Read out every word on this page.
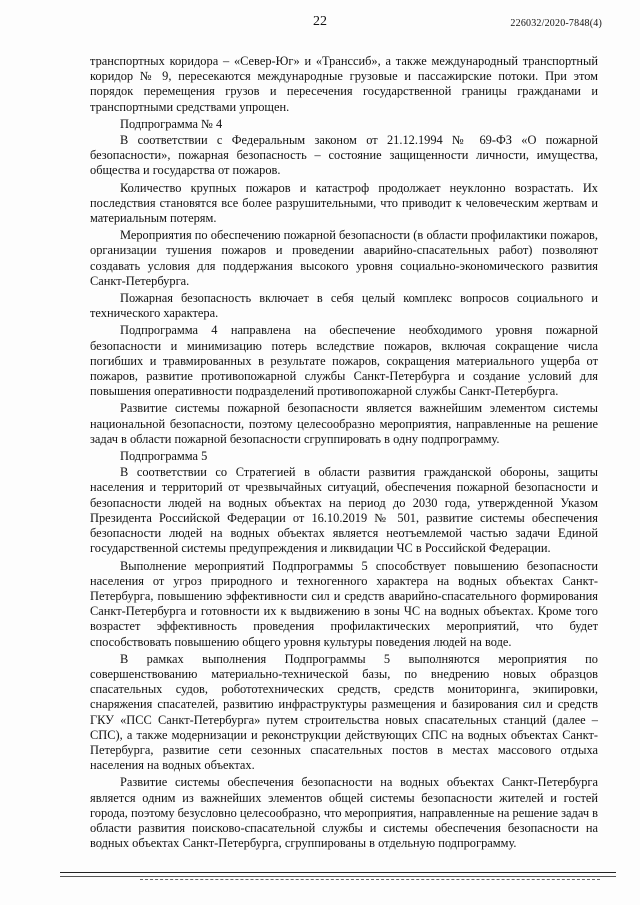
22	226032/2020-7848(4)

транспортных коридора – «Север-Юг» и «Транссиб», а также международный транспортный коридор № 9, пересекаются международные грузовые и пассажирские потоки. При этом порядок перемещения грузов и пересечения государственной границы гражданами и транспортными средствами упрощен.

Подпрограмма № 4

В соответствии с Федеральным законом от 21.12.1994 № 69-ФЗ «О пожарной безопасности», пожарная безопасность – состояние защищенности личности, имущества, общества и государства от пожаров.

Количество крупных пожаров и катастроф продолжает неуклонно возрастать. Их последствия становятся все более разрушительными, что приводит к человеческим жертвам и материальным потерям.

Мероприятия по обеспечению пожарной безопасности (в области профилактики пожаров, организации тушения пожаров и проведении аварийно-спасательных работ) позволяют создавать условия для поддержания высокого уровня социально-экономического развития Санкт-Петербурга.

Пожарная безопасность включает в себя целый комплекс вопросов социального и технического характера.

Подпрограмма 4 направлена на обеспечение необходимого уровня пожарной безопасности и минимизацию потерь вследствие пожаров, включая сокращение числа погибших и травмированных в результате пожаров, сокращения материального ущерба от пожаров, развитие противопожарной службы Санкт-Петербурга и создание условий для повышения оперативности подразделений противопожарной службы Санкт-Петербурга.

Развитие системы пожарной безопасности является важнейшим элементом системы национальной безопасности, поэтому целесообразно мероприятия, направленные на решение задач в области пожарной безопасности сгруппировать в одну подпрограмму.

Подпрограмма 5

В соответствии со Стратегией в области развития гражданской обороны, защиты населения и территорий от чрезвычайных ситуаций, обеспечения пожарной безопасности и безопасности людей на водных объектах на период до 2030 года, утвержденной Указом Президента Российской Федерации от 16.10.2019 № 501, развитие системы обеспечения безопасности людей на водных объектах является неотъемлемой частью задачи Единой государственной системы предупреждения и ликвидации ЧС в Российской Федерации.

Выполнение мероприятий Подпрограммы 5 способствует повышению безопасности населения от угроз природного и техногенного характера на водных объектах Санкт-Петербурга, повышению эффективности сил и средств аварийно-спасательного формирования Санкт-Петербурга и готовности их к выдвижению в зоны ЧС на водных объектах. Кроме того возрастет эффективность проведения профилактических мероприятий, что будет способствовать повышению общего уровня культуры поведения людей на воде.

В рамках выполнения Подпрограммы 5 выполняются мероприятия по совершенствованию материально-технической базы, по внедрению новых образцов спасательных судов, робототехнических средств, средств мониторинга, экипировки, снаряжения спасателей, развитию инфраструктуры размещения и базирования сил и средств ГКУ «ПСС Санкт-Петербурга» путем строительства новых спасательных станций (далее – СПС), а также модернизации и реконструкции действующих СПС на водных объектах Санкт-Петербурга, развитие сети сезонных спасательных постов в местах массового отдыха населения на водных объектах.

Развитие системы обеспечения безопасности на водных объектах Санкт-Петербурга является одним из важнейших элементов общей системы безопасности жителей и гостей города, поэтому безусловно целесообразно, что мероприятия, направленные на решение задач в области развития поисково-спасательной службы и системы обеспечения безопасности на водных объектах Санкт-Петербурга, сгруппированы в отдельную подпрограмму.
